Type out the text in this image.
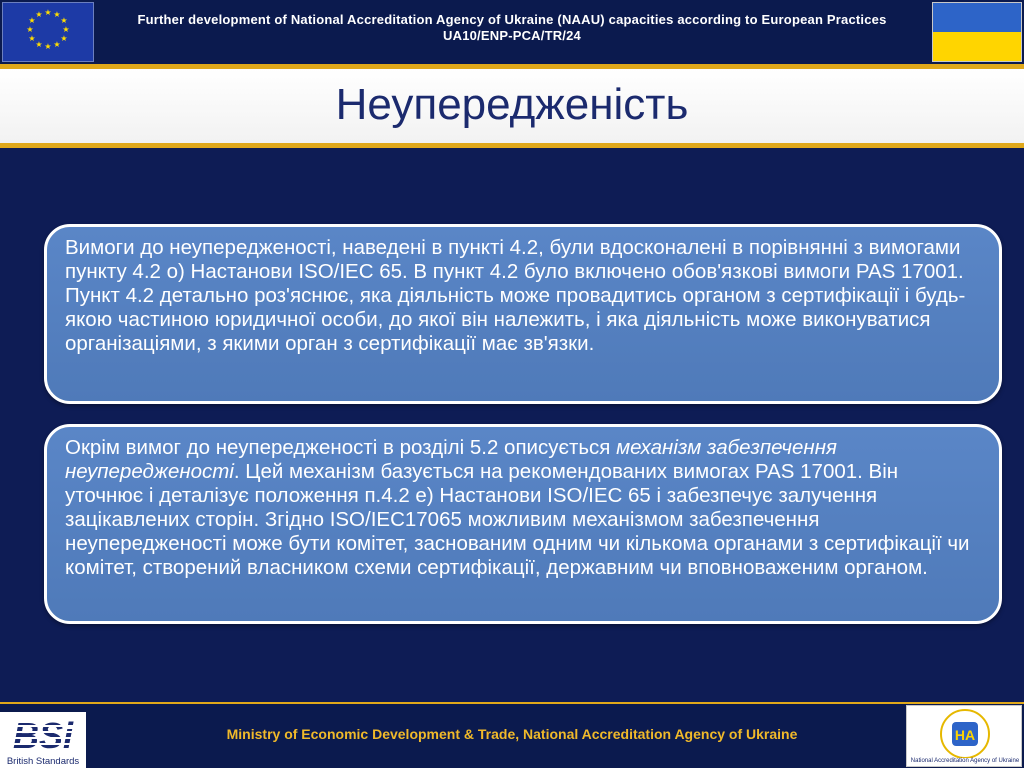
★ ★
★
★
★
★
★
★
★
★
★
★	Further development of National Accreditation Agency of Ukraine (NAAU) capacities according to European Practices UA10/ENP-PCA/TR/24
Неупередженість

Вимоги до неупередженості, наведені в пункті 4.2, були вдосконалені в порівнянні з вимогами пункту 4.2 о) Настанови ISO/IEC 65. В пункт 4.2 було включено обов'язкові вимоги PAS 17001. Пункт 4.2 детально роз'яснює, яка діяльність може провадитись органом з сертифікації і будь-якою частиною юридичної особи, до якої він належить, і яка діяльність може виконуватися організаціями, з якими орган з сертифікації має зв'язки.

Окрім вимог до неупередженості в розділі 5.2 описується механізм забезпечення неупередженості. Цей механізм базується на рекомендованих вимогах PAS 17001. Він уточнює і деталізує положення п.4.2 е) Настанови ISO/IEC 65 і забезпечує залучення зацікавлених сторін. Згідно ISO/IEC17065 можливим механізмом забезпечення неупередженості може бути комітет, заснованим одним чи кількома органами з сертифікації чи комітет, створений власником схеми сертифікації, державним чи вповноваженим органом.

BSi
British Standards
Ministry of Economic Development & Trade, National Accreditation Agency of Ukraine	НА
National Accreditation Agency of Ukraine
